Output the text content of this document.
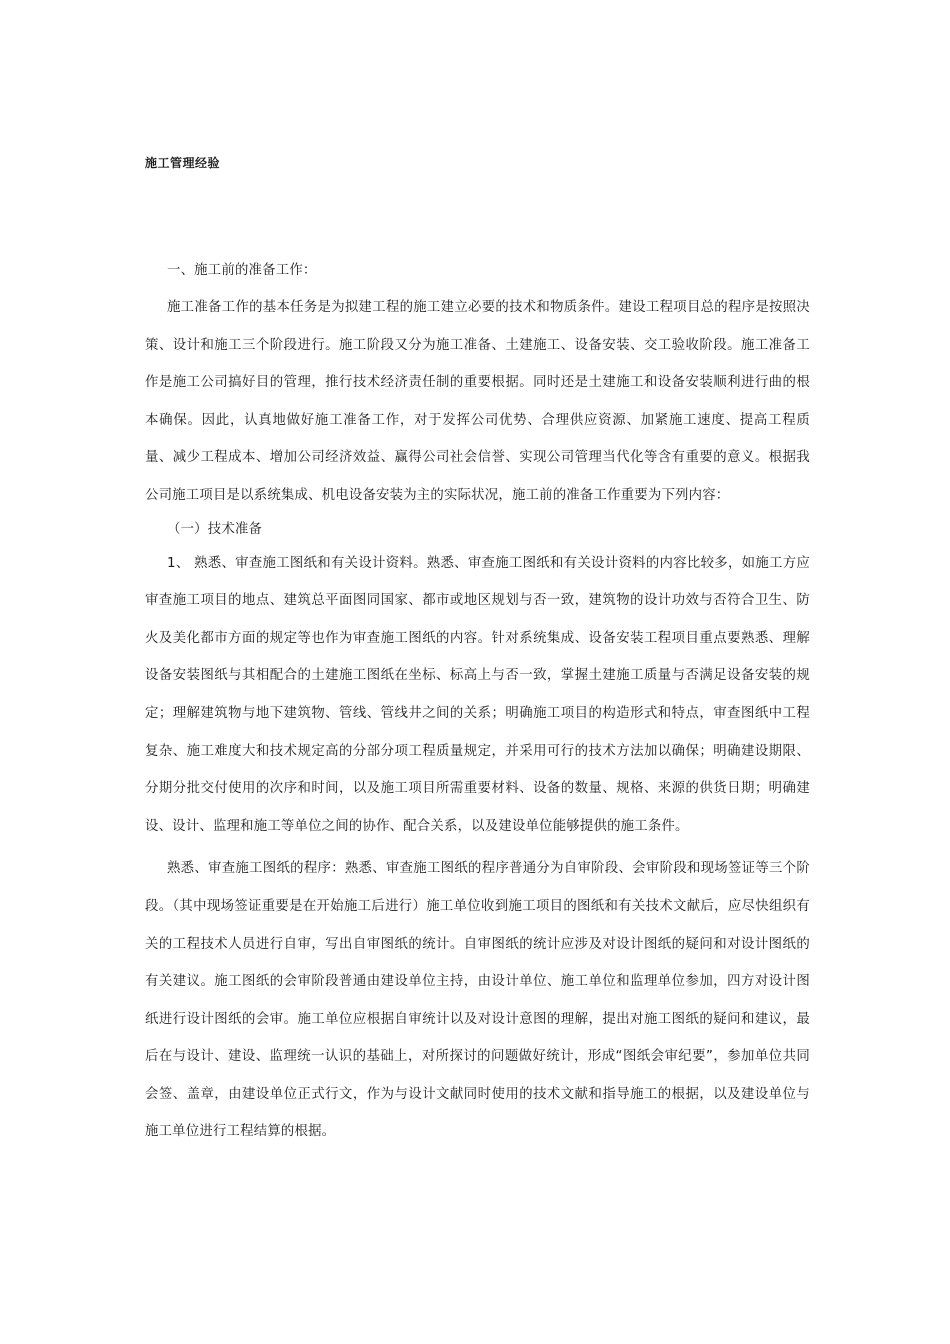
施工管理经验

一、施工前的准备工作：

施工准备工作的基本任务是为拟建工程的施工建立必要的技术和物质条件。建设工程项目总的程序是按照决策、设计和施工三个阶段进行。施工阶段又分为施工准备、土建施工、设备安装、交工验收阶段。施工准备工作是施工公司搞好目的管理，推行技术经济责任制的重要根据。同时还是土建施工和设备安装顺利进行曲的根本确保。因此，认真地做好施工准备工作，对于发挥公司优势、合理供应资源、加紧施工速度、提高工程质量、减少工程成本、增加公司经济效益、赢得公司社会信誉、实现公司管理当代化等含有重要的意义。根据我公司施工项目是以系统集成、机电设备安装为主的实际状况，施工前的准备工作重要为下列内容：

（一）技术准备

1、 熟悉、审查施工图纸和有关设计资料。熟悉、审查施工图纸和有关设计资料的内容比较多，如施工方应审查施工项目的地点、建筑总平面图同国家、都市或地区规划与否一致，建筑物的设计功效与否符合卫生、防火及美化都市方面的规定等也作为审查施工图纸的内容。针对系统集成、设备安装工程项目重点要熟悉、理解设备安装图纸与其相配合的土建施工图纸在坐标、标高上与否一致，掌握土建施工质量与否满足设备安装的规定；理解建筑物与地下建筑物、管线、管线井之间的关系；明确施工项目的构造形式和特点，审查图纸中工程复杂、施工难度大和技术规定高的分部分项工程质量规定，并采用可行的技术方法加以确保；明确建设期限、分期分批交付使用的次序和时间，以及施工项目所需重要材料、设备的数量、规格、来源的供货日期；明确建设、设计、监理和施工等单位之间的协作、配合关系，以及建设单位能够提供的施工条件。

熟悉、审查施工图纸的程序：熟悉、审查施工图纸的程序普通分为自审阶段、会审阶段和现场签证等三个阶段。（其中现场签证重要是在开始施工后进行）施工单位收到施工项目的图纸和有关技术文献后，应尽快组织有关的工程技术人员进行自审，写出自审图纸的统计。自审图纸的统计应涉及对设计图纸的疑问和对设计图纸的有关建议。施工图纸的会审阶段普通由建设单位主持，由设计单位、施工单位和监理单位参加，四方对设计图纸进行设计图纸的会审。施工单位应根据自审统计以及对设计意图的理解，提出对施工图纸的疑问和建议，最后在与设计、建设、监理统一认识的基础上，对所探讨的问题做好统计，形成“图纸会审纪要”，参加单位共同会签、盖章，由建设单位正式行文，作为与设计文献同时使用的技术文献和指导施工的根据，以及建设单位与施工单位进行工程结算的根据。
